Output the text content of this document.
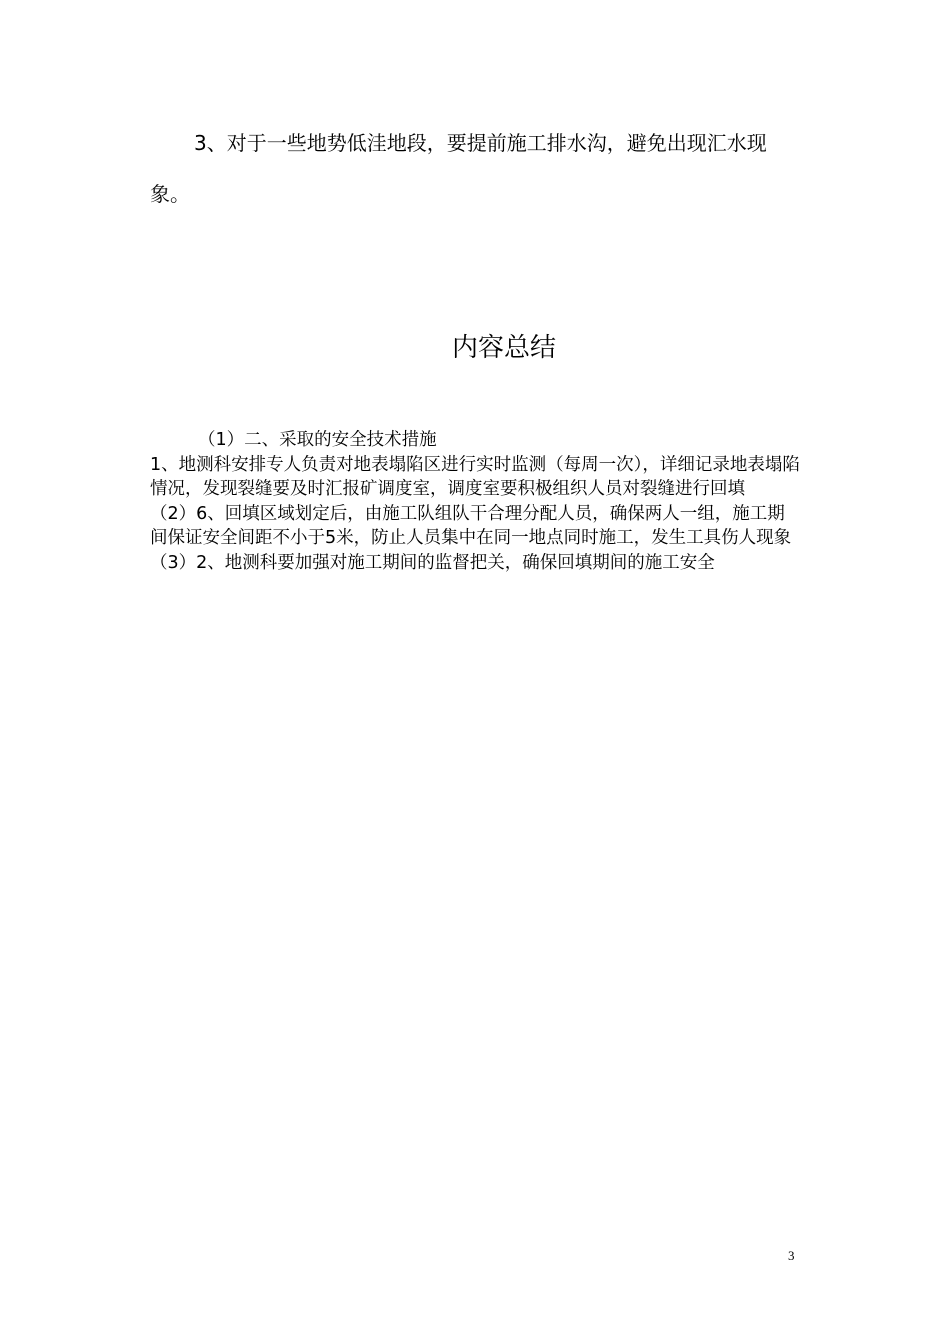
3、对于一些地势低洼地段，要提前施工排水沟，避免出现汇水现象。

内容总结

（1）二、采取的安全技术措施

1、地测科安排专人负责对地表塌陷区进行实时监测（每周一次），详细记录地表塌陷情况，发现裂缝要及时汇报矿调度室，调度室要积极组织人员对裂缝进行回填

（2）6、回填区域划定后，由施工队组队干合理分配人员，确保两人一组，施工期间保证安全间距不小于5米，防止人员集中在同一地点同时施工，发生工具伤人现象

（3）2、地测科要加强对施工期间的监督把关，确保回填期间的施工安全

3
